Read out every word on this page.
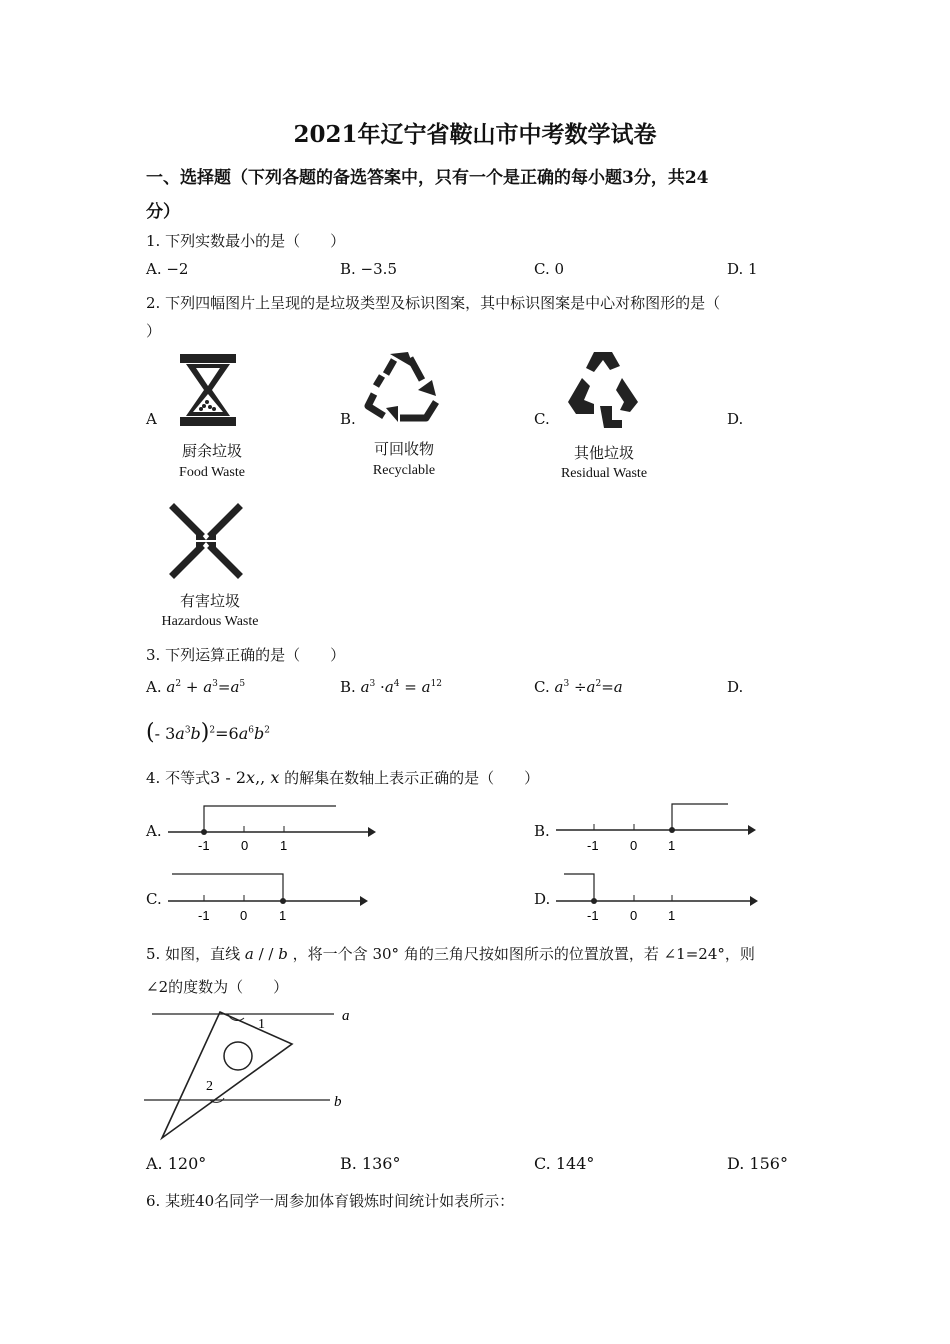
2021年辽宁省鞍山市中考数学试卷
一、选择题（下列各题的备选答案中，只有一个是正确的每小题3分，共24
分）
1. 下列实数最小的是（　　）
A. −2	B. −3.5	C. 0	D. 1
2. 下列四幅图片上呈现的是垃圾类型及标识图案，其中标识图案是中心对称图形的是（
）
A	B.	C.	D.
厨余垃圾
Food Waste
可回收物
Recyclable
其他垃圾
Residual Waste
有害垃圾
Hazardous Waste
3. 下列运算正确的是（　　）
A. $a^2 + a^3=a^5$	B. $a^3 \cdot a^4 = a^{12}$	C. $a^3 \div a^2=a$	D.
(- $3a^3b)^2=6a^6b^2$
4. 不等式3 - 2x,, x 的解集在数轴上表示正确的是（　　）
A.
-1 0 1
B.
-1 0 1
C.
-1 0 1
D.
-1 0 1
5. 如图，直线 a / / b ，将一个含 30° 角的三角尺按如图所示的位置放置，若 ∠1=24°，则
∠2的度数为（　　）
a
b
1
2
A. 120°	B. 136°	C. 144°	D. 156°
6. 某班40名同学一周参加体育锻炼时间统计如表所示：
